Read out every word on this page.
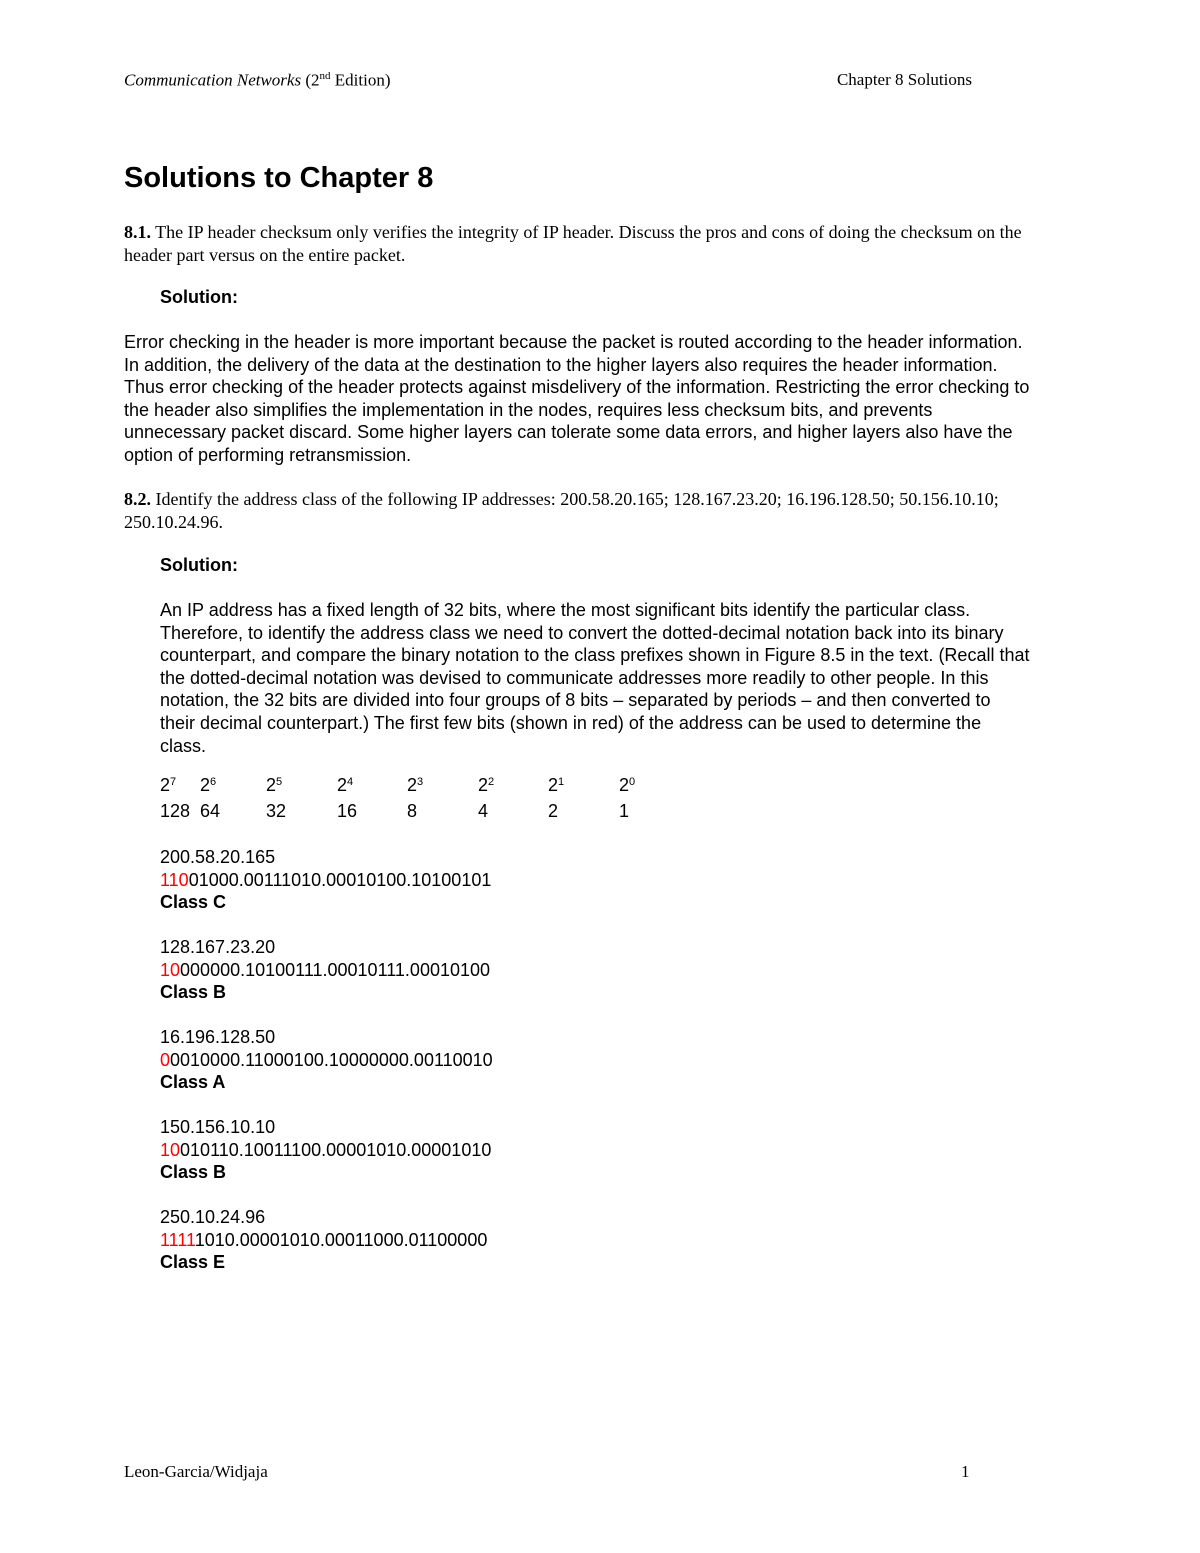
Communication Networks (2nd Edition)	Chapter 8 Solutions
Solutions to Chapter 8

8.1. The IP header checksum only verifies the integrity of IP header. Discuss the pros and cons of doing the checksum on the header part versus on the entire packet.

Solution:

Error checking in the header is more important because the packet is routed according to the header information. In addition, the delivery of the data at the destination to the higher layers also requires the header information. Thus error checking of the header protects against misdelivery of the information. Restricting the error checking to the header also simplifies the implementation in the nodes, requires less checksum bits, and prevents unnecessary packet discard. Some higher layers can tolerate some data errors, and higher layers also have the option of performing retransmission.

8.2. Identify the address class of the following IP addresses: 200.58.20.165; 128.167.23.20; 16.196.128.50; 50.156.10.10; 250.10.24.96.

Solution:

An IP address has a fixed length of 32 bits, where the most significant bits identify the particular class. Therefore, to identify the address class we need to convert the dotted-decimal notation back into its binary counterpart, and compare the binary notation to the class prefixes shown in Figure 8.5 in the text. (Recall that the dotted-decimal notation was devised to communicate addresses more readily to other people. In this notation, the 32 bits are divided into four groups of 8 bits – separated by periods – and then converted to their decimal counterpart.) The first few bits (shown in red) of the address can be used to determine the class.

$2^7$ $2^6$	$2^5$	$2^4$	$2^3$	$2^2$	$2^1$	$2^0$
128 64	32	16	8	4	2	1
200.58.20.165
11001000.00111010.00010100.10100101
Class C
128.167.23.20
10000000.10100111.00010111.00010100
Class B
16.196.128.50
00010000.11000100.10000000.00110010
Class A
150.156.10.10
10010110.10011100.00001010.00001010
Class B
250.10.24.96
11111010.00001010.00011000.01100000
Class E
Leon-Garcia/Widjaja	1
